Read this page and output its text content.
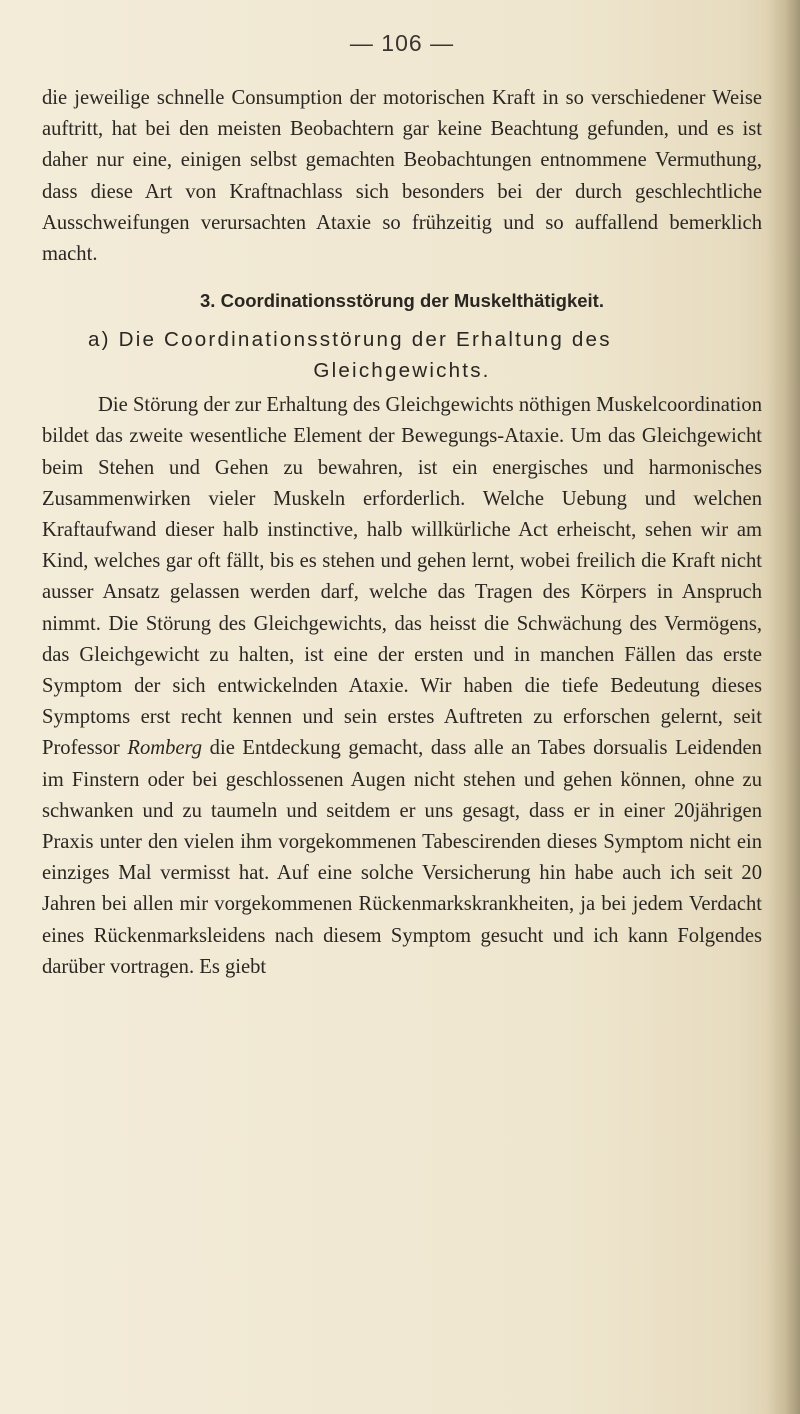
— 106 —

die jeweilige schnelle Consumption der motorischen Kraft in so verschiedener Weise auftritt, hat bei den meisten Beobachtern gar keine Beachtung gefunden, und es ist daher nur eine, einigen selbst gemachten Beobachtungen entnommene Vermuthung, dass diese Art von Kraftnachlass sich besonders bei der durch geschlechtliche Ausschweifungen verursachten Ataxie so frühzeitig und so auffallend bemerklich macht.

3. Coordinationsstörung der Muskelthätigkeit.
a) Die Coordinationsstörung der Erhaltung des
Gleichgewichts.

Die Störung der zur Erhaltung des Gleichgewichts nöthigen Muskelcoordination bildet das zweite wesentliche Element der Bewegungs-Ataxie. Um das Gleichgewicht beim Stehen und Gehen zu bewahren, ist ein energisches und harmonisches Zusammenwirken vieler Muskeln erforderlich. Welche Uebung und welchen Kraftaufwand dieser halb instinctive, halb willkürliche Act erheischt, sehen wir am Kind, welches gar oft fällt, bis es stehen und gehen lernt, wobei freilich die Kraft nicht ausser Ansatz gelassen werden darf, welche das Tragen des Körpers in Anspruch nimmt. Die Störung des Gleichgewichts, das heisst die Schwächung des Vermögens, das Gleichgewicht zu halten, ist eine der ersten und in manchen Fällen das erste Symptom der sich entwickelnden Ataxie. Wir haben die tiefe Bedeutung dieses Symptoms erst recht kennen und sein erstes Auftreten zu erforschen gelernt, seit Professor Romberg die Entdeckung gemacht, dass alle an Tabes dorsualis Leidenden im Finstern oder bei geschlossenen Augen nicht stehen und gehen können, ohne zu schwanken und zu taumeln und seitdem er uns gesagt, dass er in einer 20jährigen Praxis unter den vielen ihm vorgekommenen Tabescirenden dieses Symptom nicht ein einziges Mal vermisst hat. Auf eine solche Versicherung hin habe auch ich seit 20 Jahren bei allen mir vorgekommenen Rückenmarkskrankheiten, ja bei jedem Verdacht eines Rückenmarksleidens nach diesem Symptom gesucht und ich kann Folgendes darüber vortragen. Es giebt
